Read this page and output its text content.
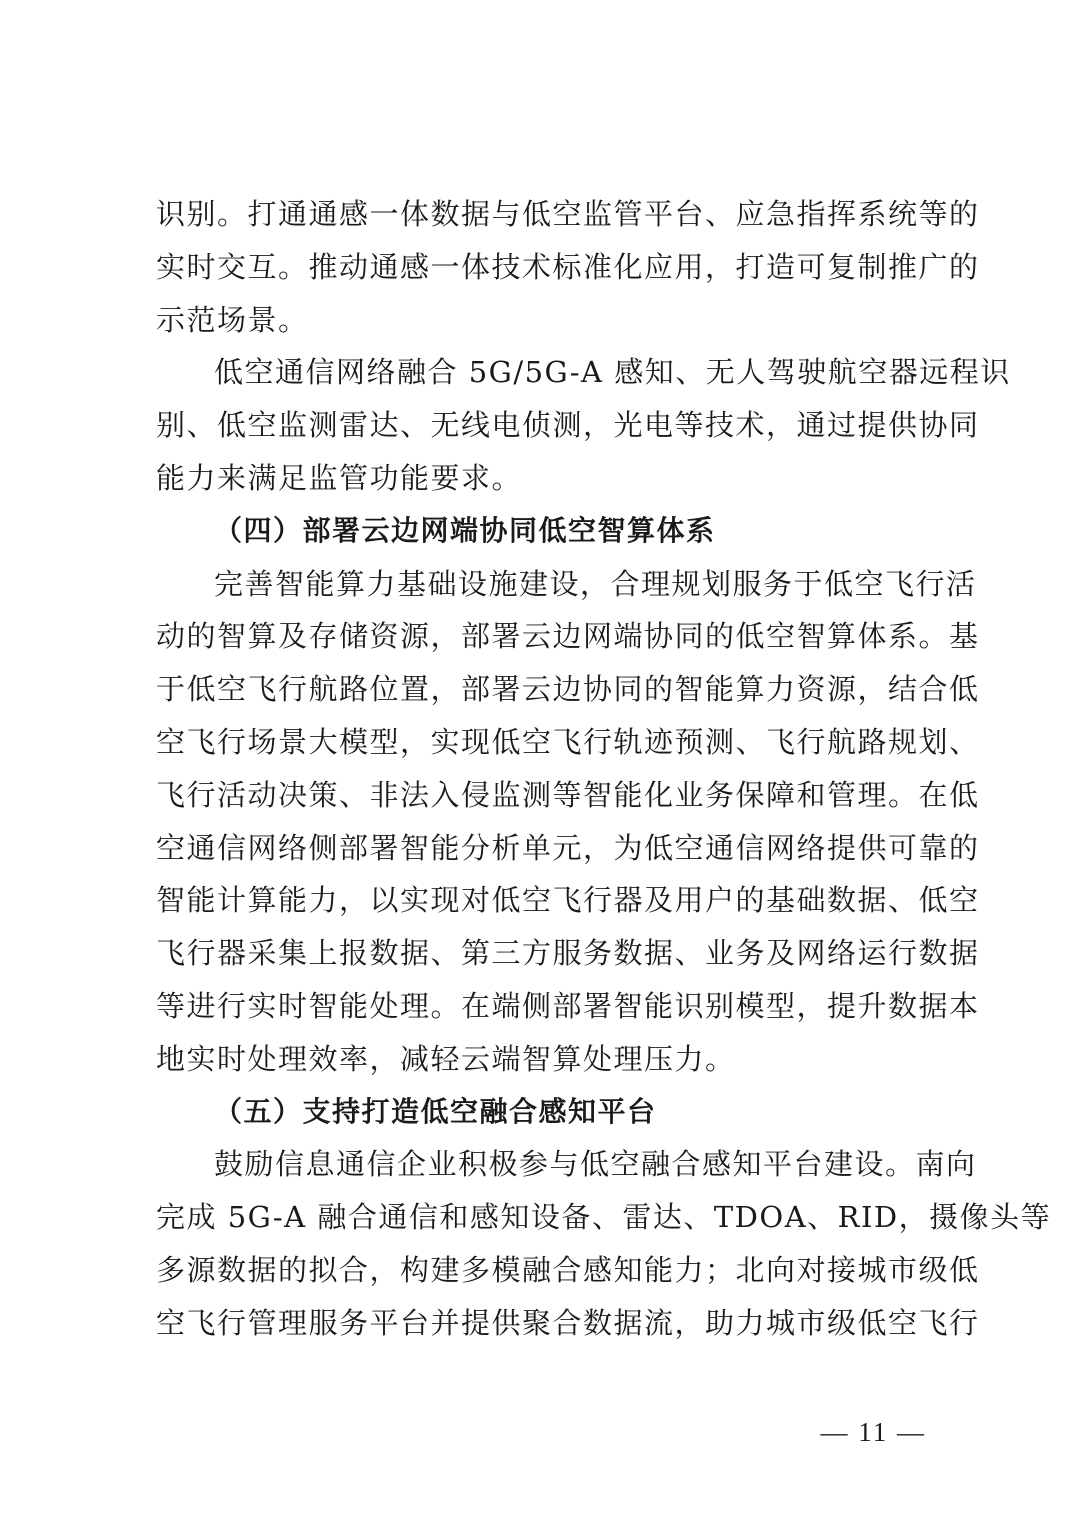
识别。打通通感一体数据与低空监管平台、应急指挥系统等的
实时交互。推动通感一体技术标准化应用，打造可复制推广的
示范场景。
低空通信网络融合 5G/5G-A 感知、无人驾驶航空器远程识
别、低空监测雷达、无线电侦测，光电等技术，通过提供协同
能力来满足监管功能要求。
（四）部署云边网端协同低空智算体系
完善智能算力基础设施建设，合理规划服务于低空飞行活
动的智算及存储资源，部署云边网端协同的低空智算体系。基
于低空飞行航路位置，部署云边协同的智能算力资源，结合低
空飞行场景大模型，实现低空飞行轨迹预测、飞行航路规划、
飞行活动决策、非法入侵监测等智能化业务保障和管理。在低
空通信网络侧部署智能分析单元，为低空通信网络提供可靠的
智能计算能力，以实现对低空飞行器及用户的基础数据、低空
飞行器采集上报数据、第三方服务数据、业务及网络运行数据
等进行实时智能处理。在端侧部署智能识别模型，提升数据本
地实时处理效率，减轻云端智算处理压力。
（五）支持打造低空融合感知平台
鼓励信息通信企业积极参与低空融合感知平台建设。南向
完成 5G-A 融合通信和感知设备、雷达、TDOA、RID，摄像头等
多源数据的拟合，构建多模融合感知能力；北向对接城市级低
空飞行管理服务平台并提供聚合数据流，助力城市级低空飞行
— 11 —
